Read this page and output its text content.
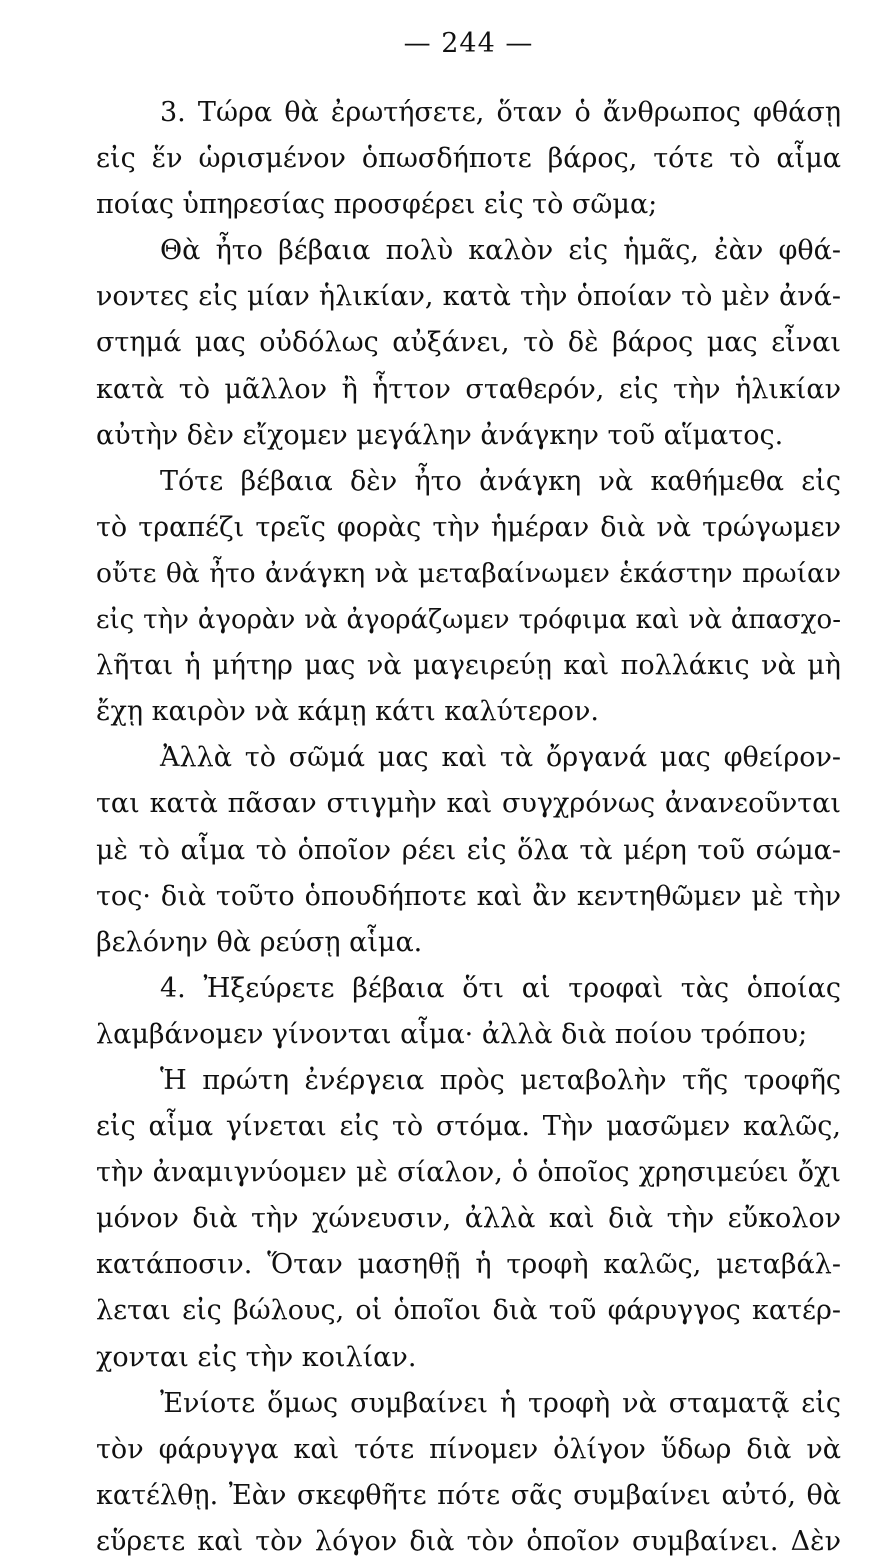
— 244 —
3. Τώρα θὰ ἐρωτήσετε, ὅταν ὁ ἄνθρωπος φθάσῃ
εἰς ἕν ὡρισμένον ὁπωσδήποτε βάρος, τότε τὸ αἷμα
ποίας ὑπηρεσίας προσφέρει εἰς τὸ σῶμα;
Θὰ ἦτο βέβαια πολὺ καλὸν εἰς ἡμᾶς, ἐὰν φθά-
νοντες εἰς μίαν ἡλικίαν, κατὰ τὴν ὁποίαν τὸ μὲν ἀνά-
στημά μας οὐδόλως αὐξάνει, τὸ δὲ βάρος μας εἶναι
κατὰ τὸ μᾶλλον ἢ ἧττον σταθερόν, εἰς τὴν ἡλικίαν
αὐτὴν δὲν εἴχομεν μεγάλην ἀνάγκην τοῦ αἵματος.
Τότε βέβαια δὲν ἦτο ἀνάγκη νὰ καθήμεθα εἰς
τὸ τραπέζι τρεῖς φορὰς τὴν ἡμέραν διὰ νὰ τρώγωμεν
οὔτε θὰ ἦτο ἀνάγκη νὰ μεταβαίνωμεν ἑκάστην πρωίαν
εἰς τὴν ἀγορὰν νὰ ἀγοράζωμεν τρόφιμα καὶ νὰ ἀπασχο-
λῆται ἡ μήτηρ μας νὰ μαγειρεύῃ καὶ πολλάκις νὰ μὴ
ἔχῃ καιρὸν νὰ κάμῃ κάτι καλύτερον.
Ἀλλὰ τὸ σῶμά μας καὶ τὰ ὄργανά μας φθείρον-
ται κατὰ πᾶσαν στιγμὴν καὶ συγχρόνως ἀνανεοῦνται
μὲ τὸ αἷμα τὸ ὁποῖον ρέει εἰς ὅλα τὰ μέρη τοῦ σώμα-
τος· διὰ τοῦτο ὁπουδήποτε καὶ ἂν κεντηθῶμεν μὲ τὴν
βελόνην θὰ ρεύσῃ αἷμα.
4. Ἠξεύρετε βέβαια ὅτι αἱ τροφαὶ τὰς ὁποίας
λαμβάνομεν γίνονται αἷμα· ἀλλὰ διὰ ποίου τρόπου;
Ἡ πρώτη ἐνέργεια πρὸς μεταβολὴν τῆς τροφῆς
εἰς αἷμα γίνεται εἰς τὸ στόμα. Τὴν μασῶμεν καλῶς,
τὴν ἀναμιγνύομεν μὲ σίαλον, ὁ ὁποῖος χρησιμεύει ὄχι
μόνον διὰ τὴν χώνευσιν, ἀλλὰ καὶ διὰ τὴν εὔκολον
κατάποσιν. Ὅταν μασηθῇ ἡ τροφὴ καλῶς, μεταβάλ-
λεται εἰς βώλους, οἱ ὁποῖοι διὰ τοῦ φάρυγγος κατέρ-
χονται εἰς τὴν κοιλίαν.
Ἐνίοτε ὅμως συμβαίνει ἡ τροφὴ νὰ σταματᾷ εἰς
τὸν φάρυγγα καὶ τότε πίνομεν ὀλίγον ὕδωρ διὰ νὰ
κατέλθῃ. Ἐὰν σκεφθῆτε πότε σᾶς συμβαίνει αὐτό, θὰ
εὕρετε καὶ τὸν λόγον διὰ τὸν ὁποῖον συμβαίνει. Δὲν
